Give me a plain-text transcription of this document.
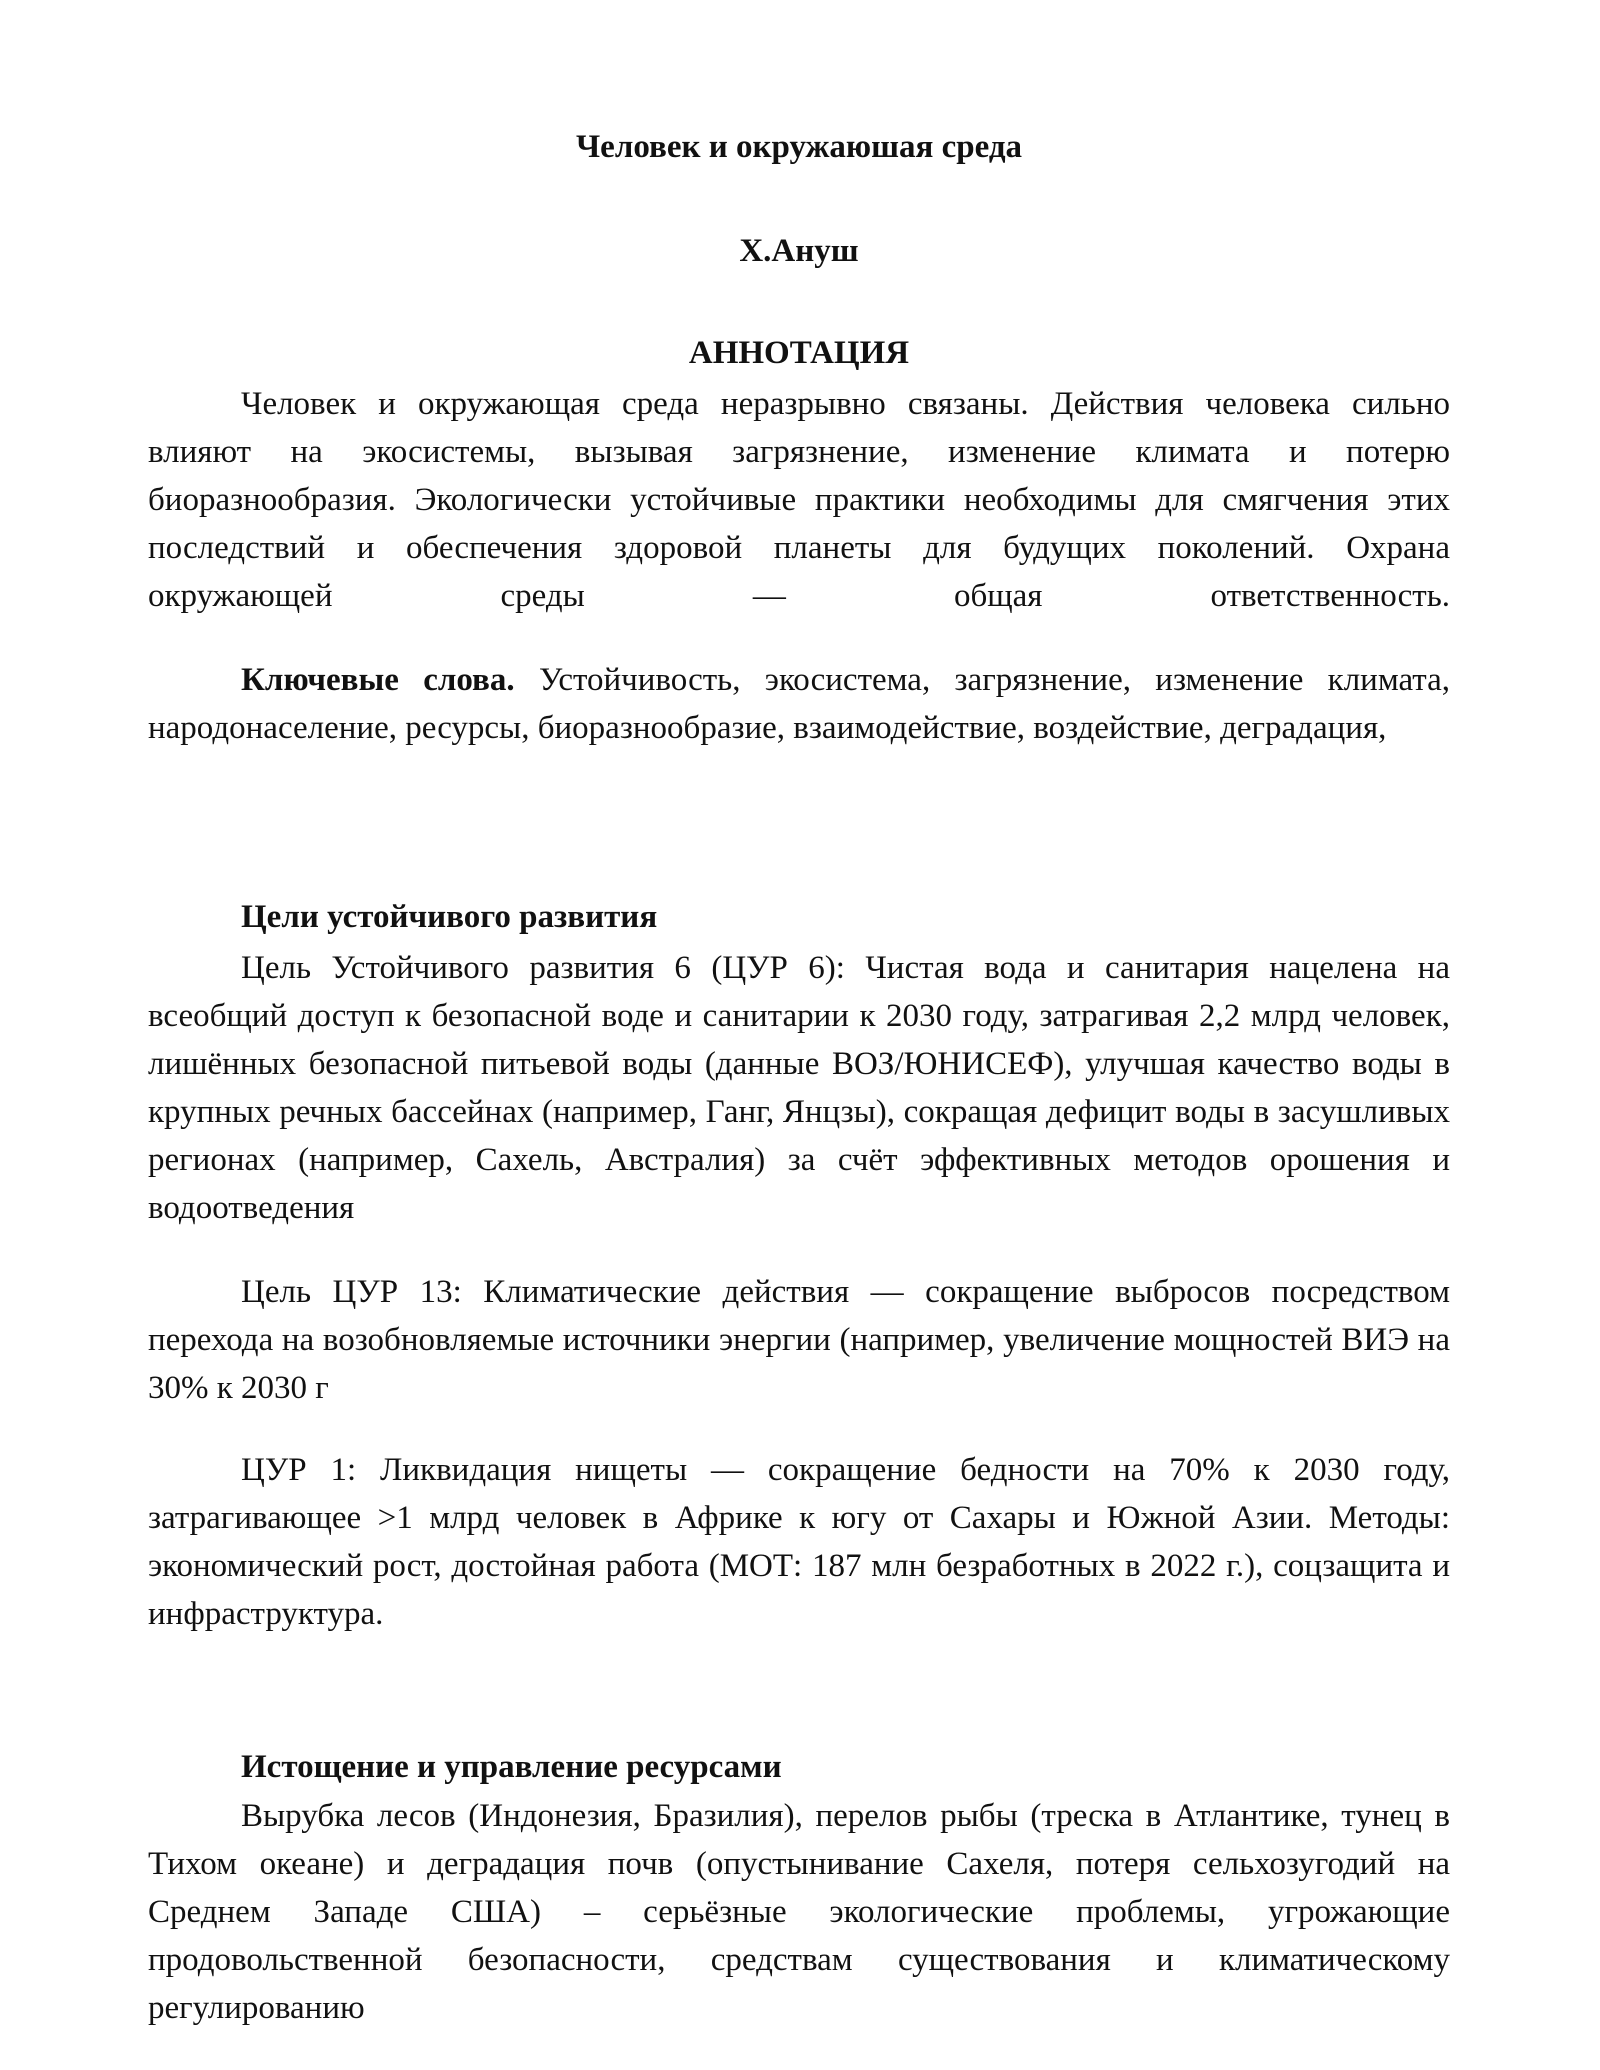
Человек и окружаюшая среда
Х.Ануш
АННОТАЦИЯ

Человек и окружающая среда неразрывно связаны. Действия человека сильно влияют на экосистемы, вызывая загрязнение, изменение климата и потерю биоразнообразия. Экологически устойчивые практики необходимы для смягчения этих последствий и обеспечения здоровой планеты для будущих поколений. Охрана окружающей среды — общая ответственность.

Ключевые слова. Устойчивость, экосистема, загрязнение, изменение климата, народонаселение, ресурсы, биоразнообразие, взаимодействие, воздействие, деградация,

Цели устойчивого развития

Цель Устойчивого развития 6 (ЦУР 6): Чистая вода и санитария нацелена на всеобщий доступ к безопасной воде и санитарии к 2030 году, затрагивая 2,2 млрд человек, лишённых безопасной питьевой воды (данные ВОЗ/ЮНИСЕФ), улучшая качество воды в крупных речных бассейнах (например, Ганг, Янцзы), сокращая дефицит воды в засушливых регионах (например, Сахель, Австралия) за счёт эффективных методов орошения и водоотведения

Цель ЦУР 13: Климатические действия — сокращение выбросов посредством перехода на возобновляемые источники энергии (например, увеличение мощностей ВИЭ на 30% к 2030 г

ЦУР 1: Ликвидация нищеты — сокращение бедности на 70% к 2030 году, затрагивающее >1 млрд человек в Африке к югу от Сахары и Южной Азии. Методы: экономический рост, достойная работа (МОТ: 187 млн безработных в 2022 г.), соцзащита и инфраструктура.

Истощение и управление ресурсами

Вырубка лесов (Индонезия, Бразилия), перелов рыбы (треска в Атлантике, тунец в Тихом океане) и деградация почв (опустынивание Сахеля, потеря сельхозугодий на Среднем Западе США) – серьёзные экологические проблемы, угрожающие продовольственной безопасности, средствам существования и климатическому регулированию
